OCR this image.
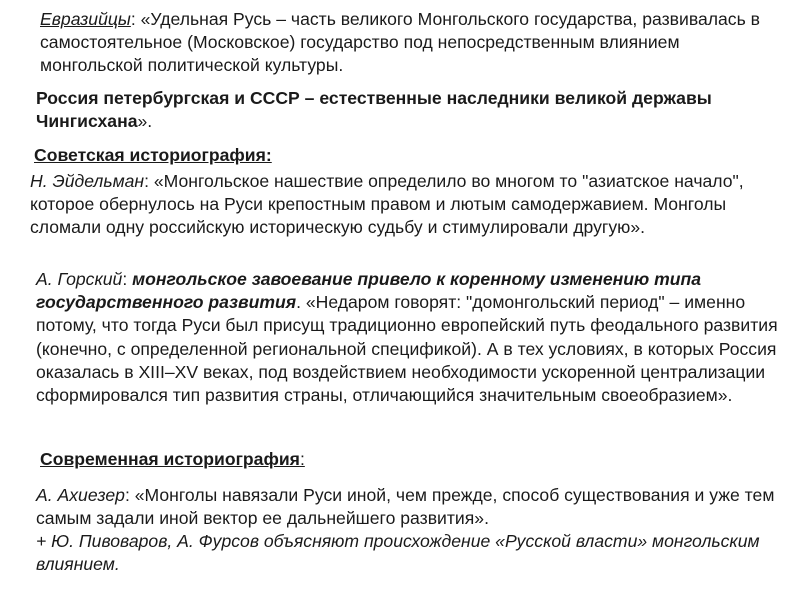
Евразийцы: «Удельная Русь – часть великого Монгольского государства, развивалась в самостоятельное (Московское) государство под непосредственным влиянием монгольской политической культуры.

Россия петербургская и СССР – естественные наследники великой державы Чингисхана».

Советская историография:

Н. Эйдельман: «Монгольское нашествие определило во многом то "азиатское начало", которое обернулось на Руси крепостным правом и лютым самодержавием. Монголы сломали одну российскую историческую судьбу и стимулировали другую».

А. Горский: монгольское завоевание привело к коренному изменению типа государственного развития. «Недаром говорят: "домонгольский период" – именно потому, что тогда Руси был присущ традиционно европейский путь феодального развития (конечно, с определенной региональной спецификой). А в тех условиях, в которых Россия оказалась в XIII–XV веках, под воздействием необходимости ускоренной централизации сформировался тип развития страны, отличающийся значительным своеобразием».

Современная историография:

А. Ахиезер: «Монголы навязали Руси иной, чем прежде, способ существования и уже тем самым задали иной вектор ее дальнейшего развития».

+ Ю. Пивоваров, А. Фурсов объясняют происхождение «Русской власти» монгольским влиянием.
